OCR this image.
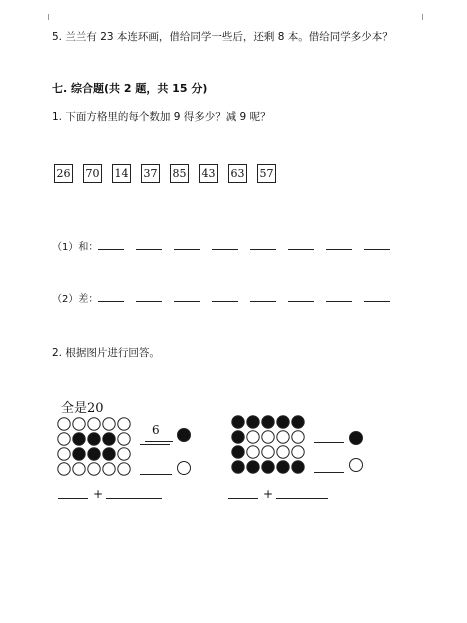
5. 兰兰有 23 本连环画，借给同学一些后，还剩 8 本。借给同学多少本？
七. 综合题(共 2 题，共 15 分)
1. 下面方格里的每个数加 9 得多少？减 9 呢？
26 70 14 37 85 43 63 57
（1）和：
（2）差：
2. 根据图片进行回答。
全是20
6
+	+
